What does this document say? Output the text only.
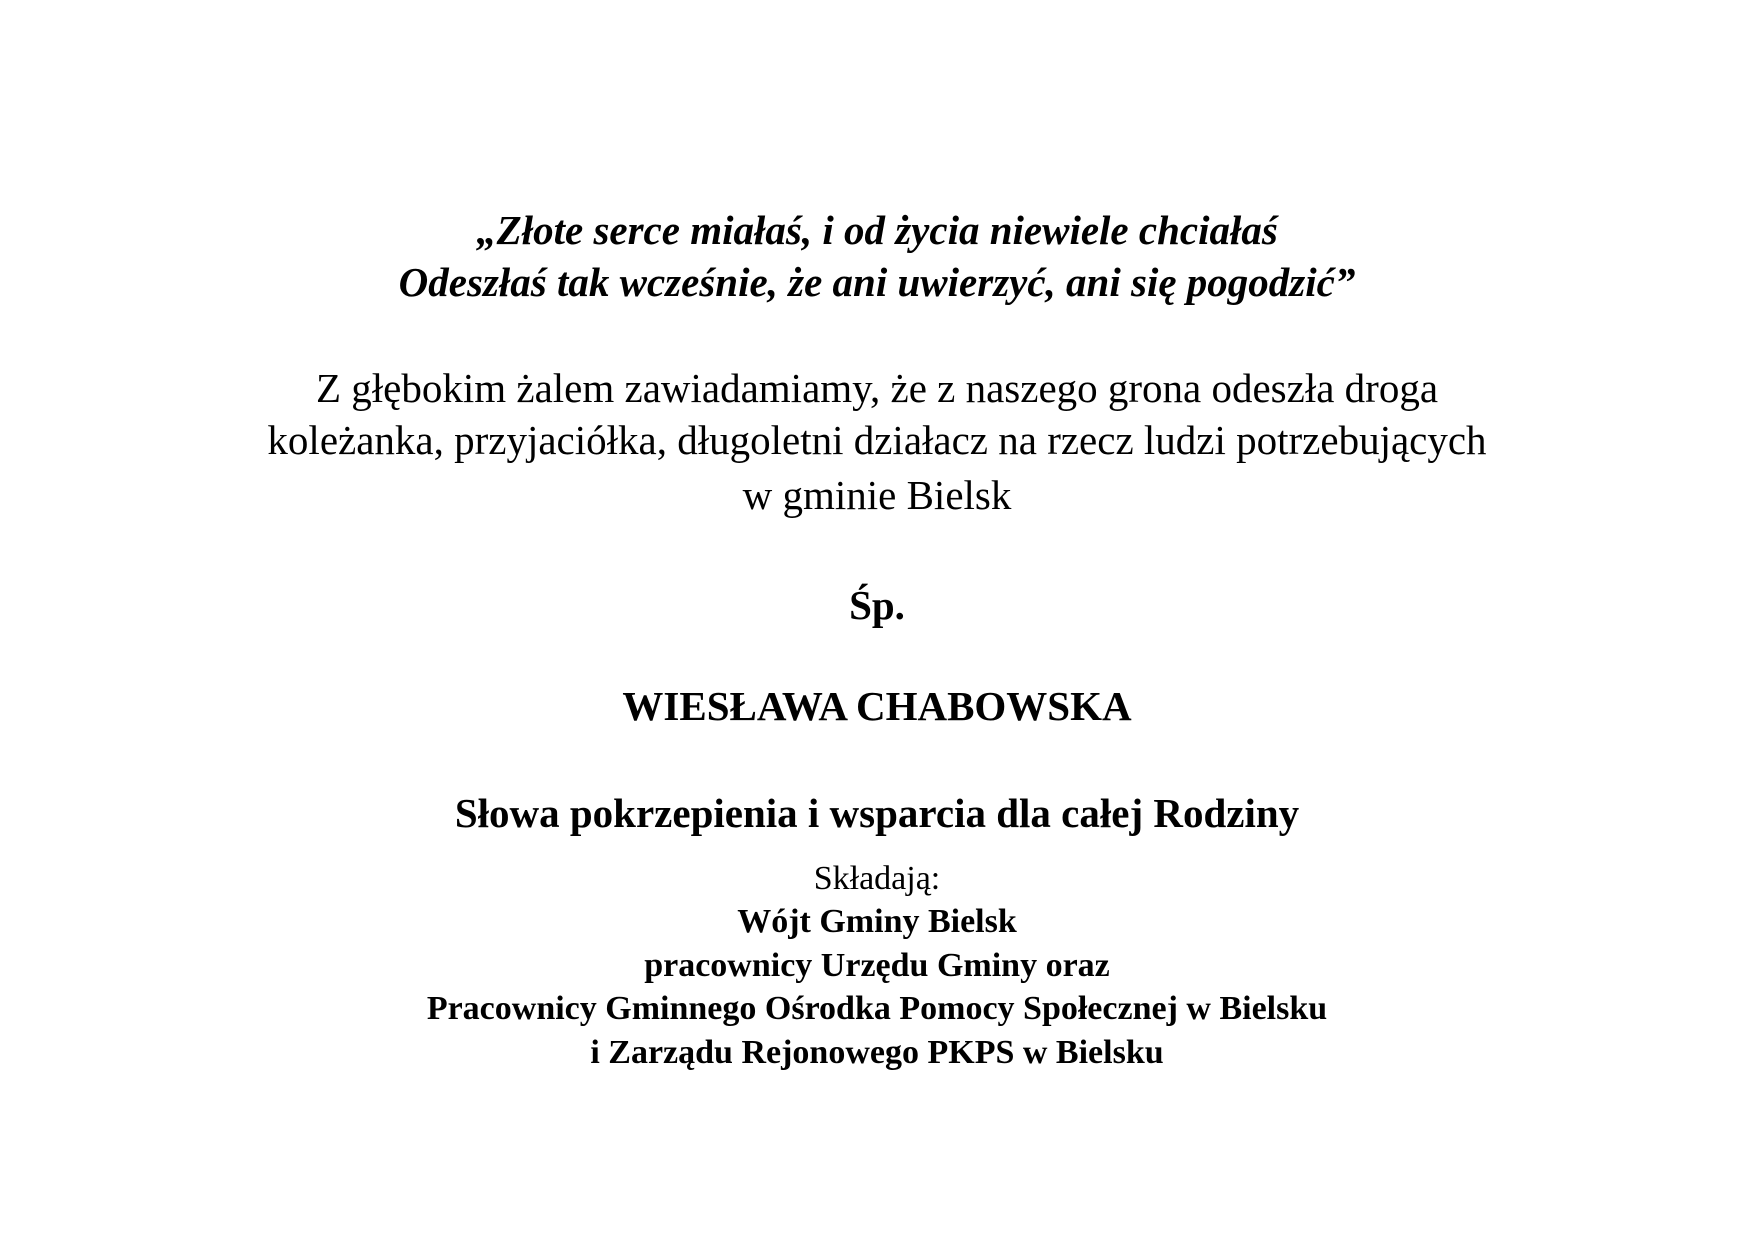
„Złote serce miałaś, i od życia niewiele chciałaś
Odeszłaś tak wcześnie, że ani uwierzyć, ani się pogodzić”
Z głębokim żalem zawiadamiamy, że z naszego grona odeszła droga
koleżanka, przyjaciółka, długoletni działacz na rzecz ludzi potrzebujących
w gminie Bielsk
Śp.
WIESŁAWA CHABOWSKA
Słowa pokrzepienia i wsparcia dla całej Rodziny
Składają:
Wójt Gminy Bielsk
pracownicy Urzędu Gminy oraz
Pracownicy Gminnego Ośrodka Pomocy Społecznej w Bielsku
i Zarządu Rejonowego PKPS w Bielsku
